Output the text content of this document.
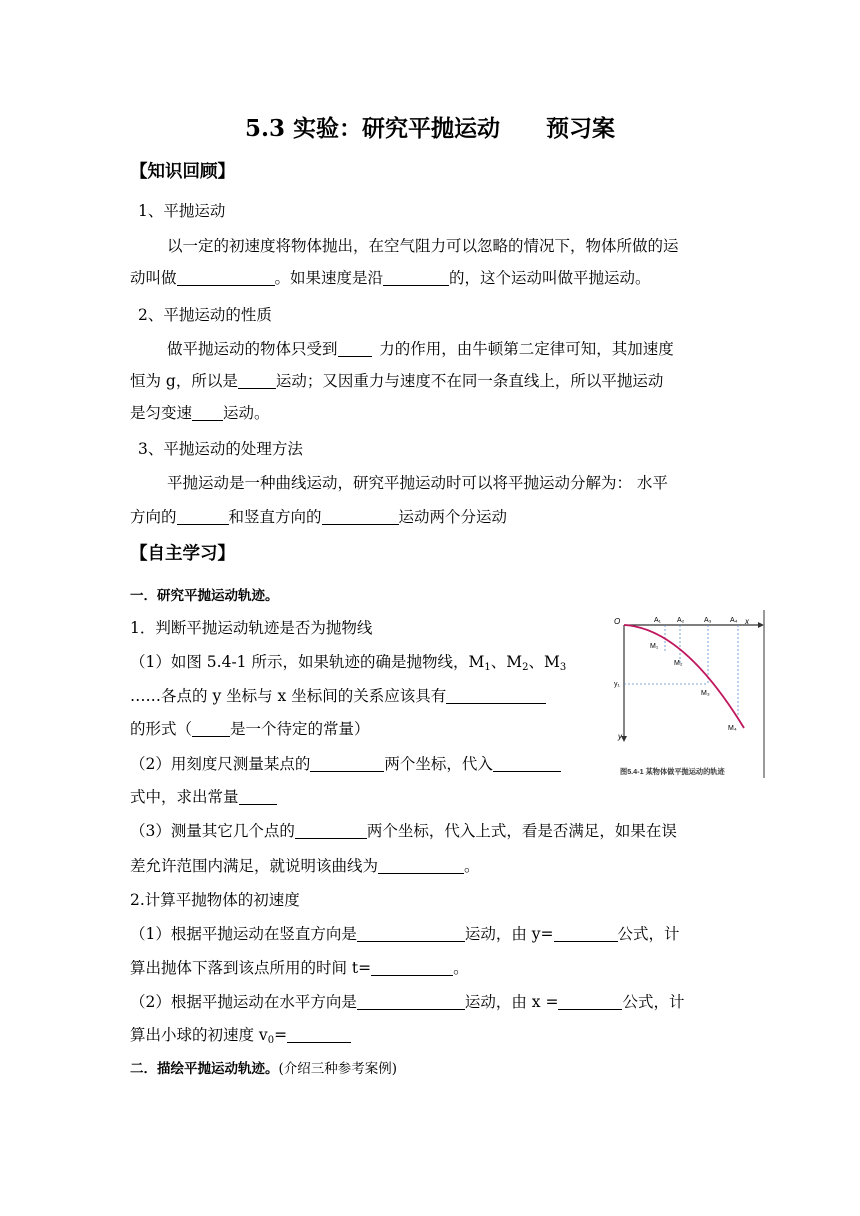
5.3 实验：研究平抛运动　　预习案
【知识回顾】
1、平抛运动
以一定的初速度将物体抛出，在空气阻力可以忽略的情况下，物体所做的运
动叫做	。如果速度是沿	的，这个运动叫做平抛运动。
2、平抛运动的性质
做平抛运动的物体只受到 	力的作用，由牛顿第二定律可知，其加速度
恒为 g，所以是 运动；又因重力与速度不在同一条直线上，所以平抛运动
是匀变速 运动。
3、平抛运动的处理方法
平抛运动是一种曲线运动，研究平抛运动时可以将平抛运动分解为： 水平
方向的	和竖直方向的	运动两个分运动
【自主学习】
一．研究平抛运动轨迹。
1．判断平抛运动轨迹是否为抛物线
（1）如图 5.4-1 所示，如果轨迹的确是抛物线，$M_1$、$M_2$、$M_3$
‥‥‥各点的 y 坐标与 x 坐标间的关系应该具有
的形式（ 是一个待定的常量）
（2）用刻度尺测量某点的	两个坐标，代入
式中，求出常量
（3）测量其它几个点的	两个坐标，代入上式，看是否满足，如果在误
差允许范围内满足，就说明该曲线为	。
2.计算平抛物体的初速度
（1）根据平抛运动在竖直方向是	运动，由 y=	公式，计
算出抛体下落到该点所用的时间 t=	。
（2）根据平抛运动在水平方向是	运动，由 x =	公式，计
算出小球的初速度 $v_0=$
二．描绘平抛运动轨迹。(介绍三种参考案例)
O	x
y
y₁
A₁ A₂	A₃	A₄
M₁
M₂
M₃
M₄
图5.4-1 某物体做平抛运动的轨迹
